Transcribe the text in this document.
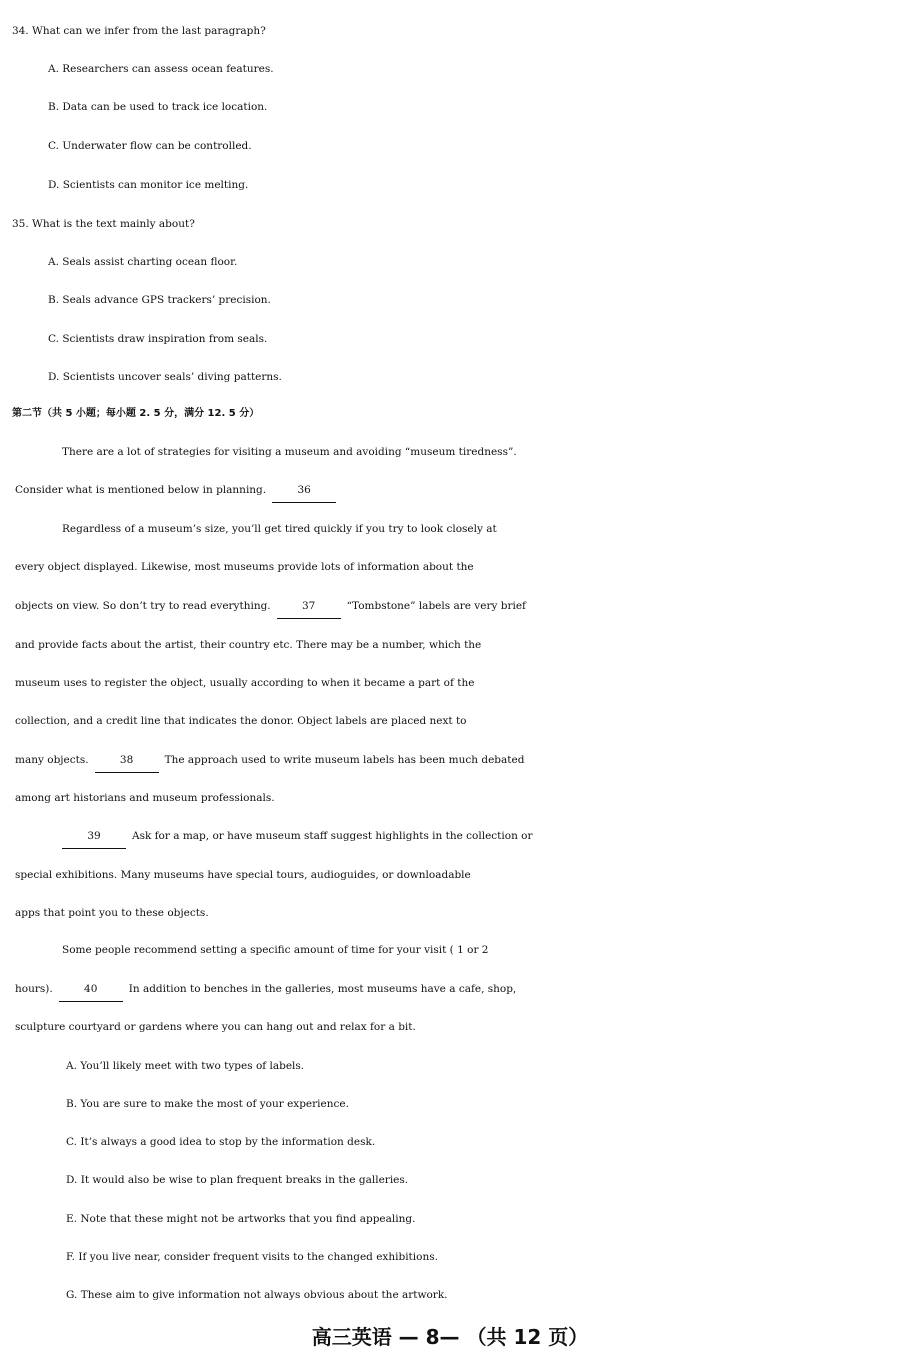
34. What can we infer from the last paragraph?
A. Researchers can assess ocean features.
B. Data can be used to track ice location.
C. Underwater flow can be controlled.
D. Scientists can monitor ice melting.
35. What is the text mainly about?
A. Seals assist charting ocean floor.
B. Seals advance GPS trackers’ precision.
C. Scientists draw inspiration from seals.
D. Scientists uncover seals’ diving patterns.
第二节（共 5 小题；每小题 2. 5 分，满分 12. 5 分）
There are a lot of strategies for visiting a museum and avoiding “museum tiredness”.
Consider what is mentioned below in planning.	36
Regardless of a museum’s size, you’ll get tired quickly if you try to look closely at
every object displayed. Likewise, most museums provide lots of information about the
objects on view. So don’t try to read everything.	37	“Tombstone” labels are very brief
and provide facts about the artist, their country etc. There may be a number, which the
museum uses to register the object, usually according to when it became a part of the
collection, and a credit line that indicates the donor. Object labels are placed next to
many objects.	38	The approach used to write museum labels has been much debated
among art historians and museum professionals.
39	Ask for a map, or have museum staff suggest highlights in the collection or
special exhibitions. Many museums have special tours, audioguides, or downloadable
apps that point you to these objects.
Some people recommend setting a specific amount of time for your visit ( 1 or 2
hours).	40	In addition to benches in the galleries, most museums have a cafe, shop,
sculpture courtyard or gardens where you can hang out and relax for a bit.
A. You’ll likely meet with two types of labels.
B. You are sure to make the most of your experience.
C. It’s always a good idea to stop by the information desk.
D. It would also be wise to plan frequent breaks in the galleries.
E. Note that these might not be artworks that you find appealing.
F. If you live near, consider frequent visits to the changed exhibitions.
G. These aim to give information not always obvious about the artwork.
高三英语 — 8— （共 12 页）
